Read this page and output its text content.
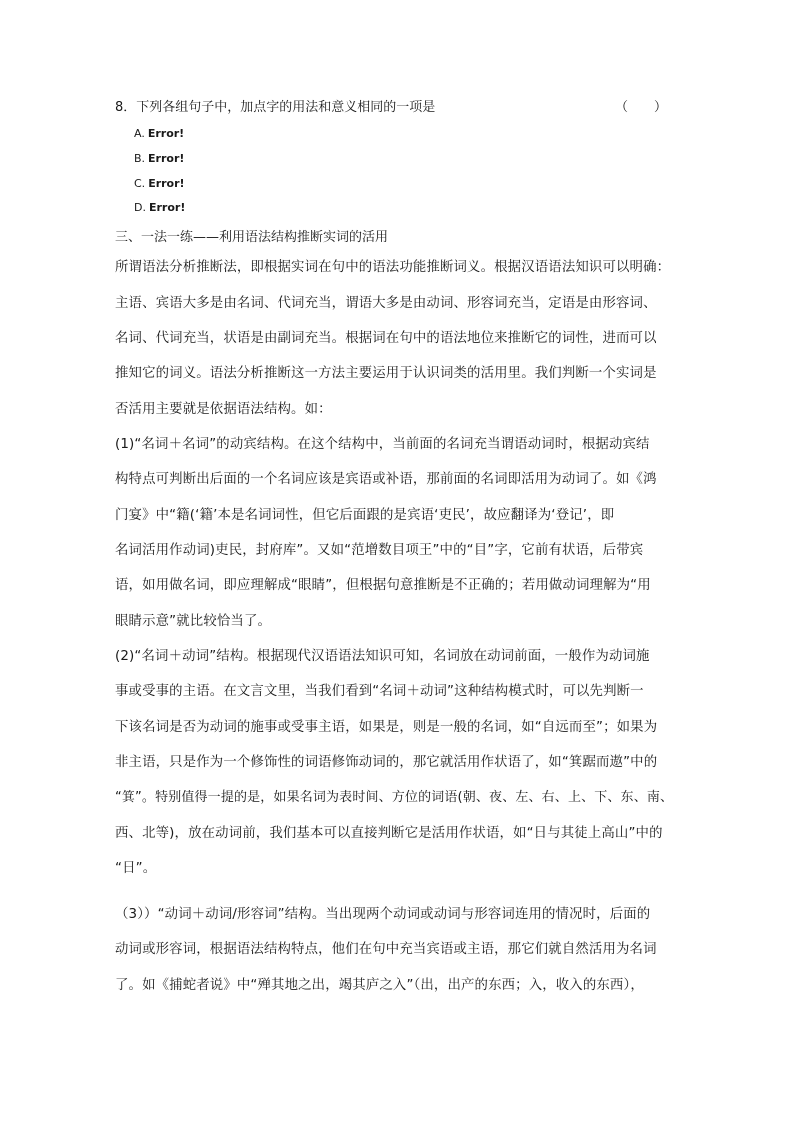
8．下列各组句子中，加点字的用法和意义相同的一项是	（　　）
A. Error!
B. Error!
C. Error!
D. Error!
三、一法一练——利用语法结构推断实词的活用
所谓语法分析推断法，即根据实词在句中的语法功能推断词义。根据汉语语法知识可以明确：
主语、宾语大多是由名词、代词充当，谓语大多是由动词、形容词充当，定语是由形容词、
名词、代词充当，状语是由副词充当。根据词在句中的语法地位来推断它的词性，进而可以
推知它的词义。语法分析推断这一方法主要运用于认识词类的活用里。我们判断一个实词是
否活用主要就是依据语法结构。如：
(1)“名词＋名词”的动宾结构。在这个结构中，当前面的名词充当谓语动词时，根据动宾结
构特点可判断出后面的一个名词应该是宾语或补语，那前面的名词即活用为动词了。如《鸿
门宴》中“籍(‘籍’本是名词词性，但它后面跟的是宾语‘吏民’，故应翻译为‘登记’，即
名词活用作动词)吏民，封府库”。又如“范增数目项王”中的“目”字，它前有状语，后带宾
语，如用做名词，即应理解成“眼睛”，但根据句意推断是不正确的；若用做动词理解为“用
眼睛示意”就比较恰当了。
(2)“名词＋动词”结构。根据现代汉语语法知识可知，名词放在动词前面，一般作为动词施
事或受事的主语。在文言文里，当我们看到“名词＋动词”这种结构模式时，可以先判断一
下该名词是否为动词的施事或受事主语，如果是，则是一般的名词，如“自远而至”；如果为
非主语，只是作为一个修饰性的词语修饰动词的，那它就活用作状语了，如“箕踞而遨”中的
“箕”。特别值得一提的是，如果名词为表时间、方位的词语(朝、夜、左、右、上、下、东、南、
西、北等)，放在动词前，我们基本可以直接判断它是活用作状语，如“日与其徒上高山”中的
“日”。
（3））“动词＋动词/形容词”结构。当出现两个动词或动词与形容词连用的情况时，后面的
动词或形容词，根据语法结构特点，他们在句中充当宾语或主语，那它们就自然活用为名词
了。如《捕蛇者说》中“殚其地之出，竭其庐之入”（出，出产的东西；入，收入的东西），
